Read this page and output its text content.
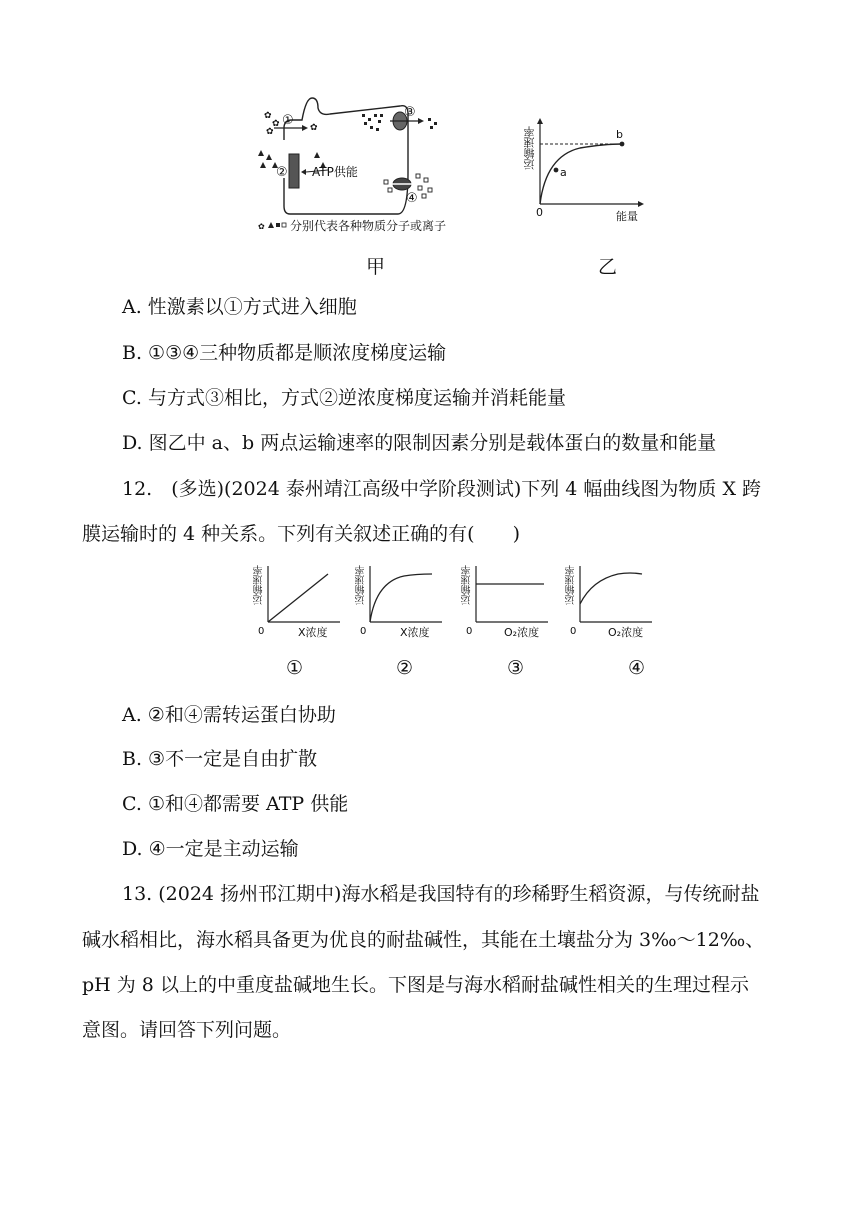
✿
✿
✿	✿
①
②
③
④
ATP供能
✿ 分别代表各种物质分子或离子
甲
a
b
0	能量
运输速率
乙
A. 性激素以①方式进入细胞
B. ①③④三种物质都是顺浓度梯度运输
C. 与方式③相比，方式②逆浓度梯度运输并消耗能量
D. 图乙中 a、b 两点运输速率的限制因素分别是载体蛋白的数量和能量
12.　(多选)(2024 泰州靖江高级中学阶段测试)下列 4 幅曲线图为物质 X 跨
膜运输时的 4 种关系。下列有关叙述正确的有(　　)
0	X浓度
运输速率
0	X浓度
运输速率
0	O₂浓度
运输速率
0	O₂浓度
运输速率
①	②	③	④
A. ②和④需转运蛋白协助
B. ③不一定是自由扩散
C. ①和④都需要 ATP 供能
D. ④一定是主动运输
13. (2024 扬州邗江期中)海水稻是我国特有的珍稀野生稻资源，与传统耐盐
碱水稻相比，海水稻具备更为优良的耐盐碱性，其能在土壤盐分为 3‰～12‰、
pH 为 8 以上的中重度盐碱地生长。下图是与海水稻耐盐碱性相关的生理过程示
意图。请回答下列问题。
